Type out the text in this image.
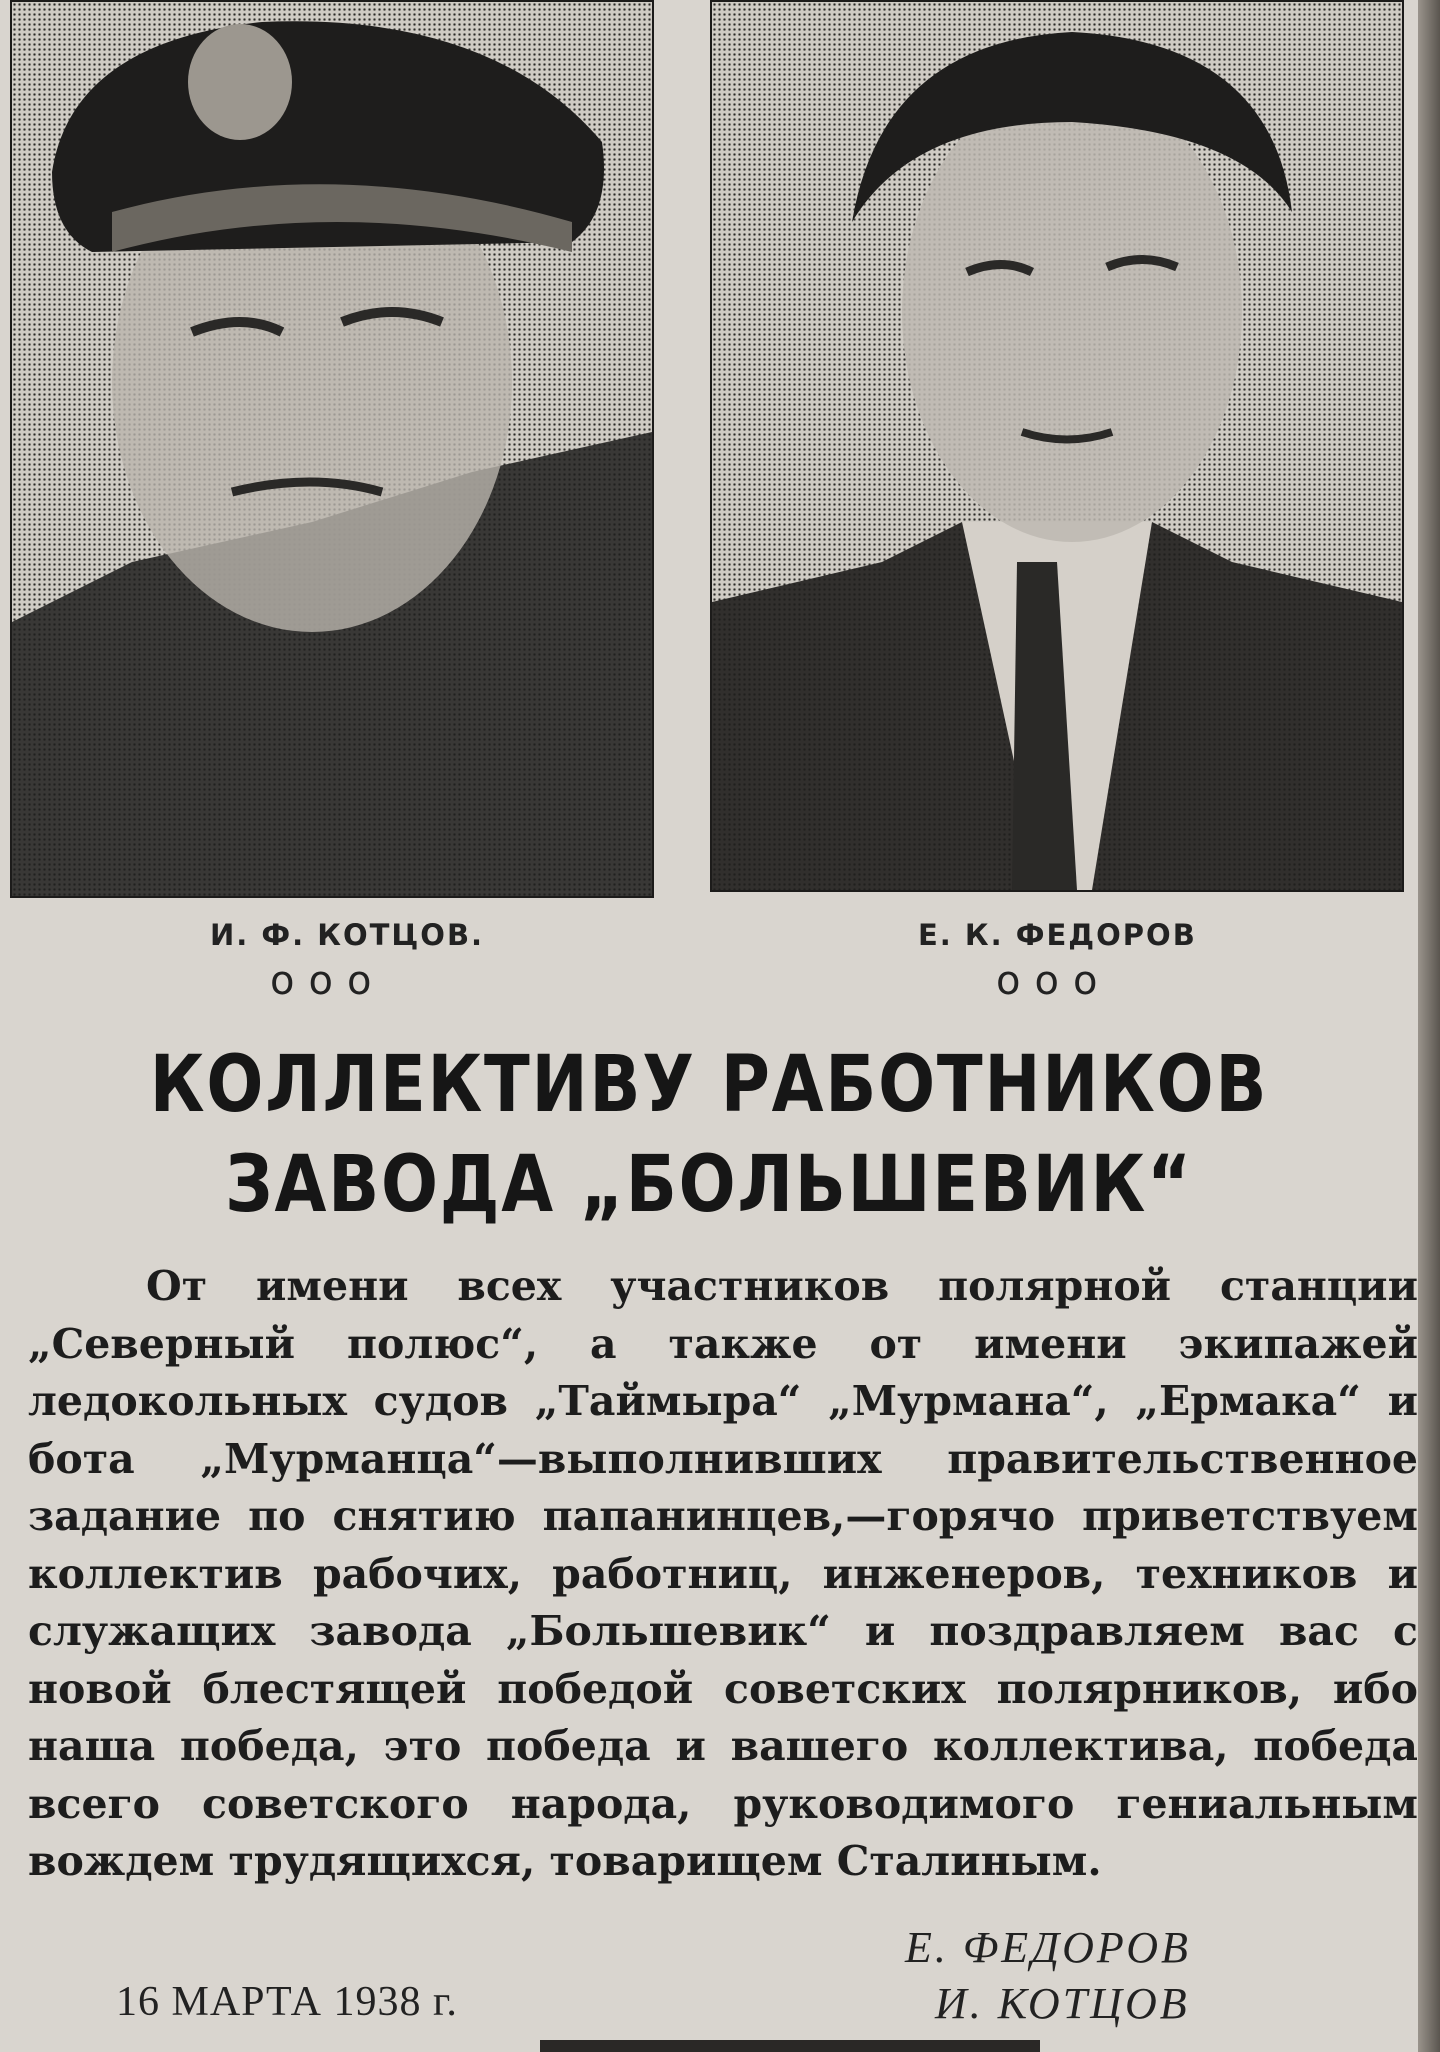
И. Ф. КОТЦОВ.
ооо
Е. К. ФЕДОРОВ
ооо
КОЛЛЕКТИВУ РАБОТНИКОВ
ЗАВОДА „БОЛЬШЕВИК“
От имени всех участников полярной станции „Северный полюс“, а также от имени экипажей ледокольных судов „Таймыра“ „Мурмана“, „Ермака“ и бота „Мурманца“—выполнивших правительственное задание по снятию папанинцев,—горячо приветствуем коллектив рабочих, работниц, инженеров, техников и служащих завода „Большевик“ и поздравляем вас с новой блестящей победой советских полярников, ибо наша победа, это победа и вашего коллектива, победа всего советского народа, руководимого гениальным вождем трудящихся, товарищем Сталиным.
Е. ФЕДОРОВ
И. КОТЦОВ
16 МАРТА 1938 г.
